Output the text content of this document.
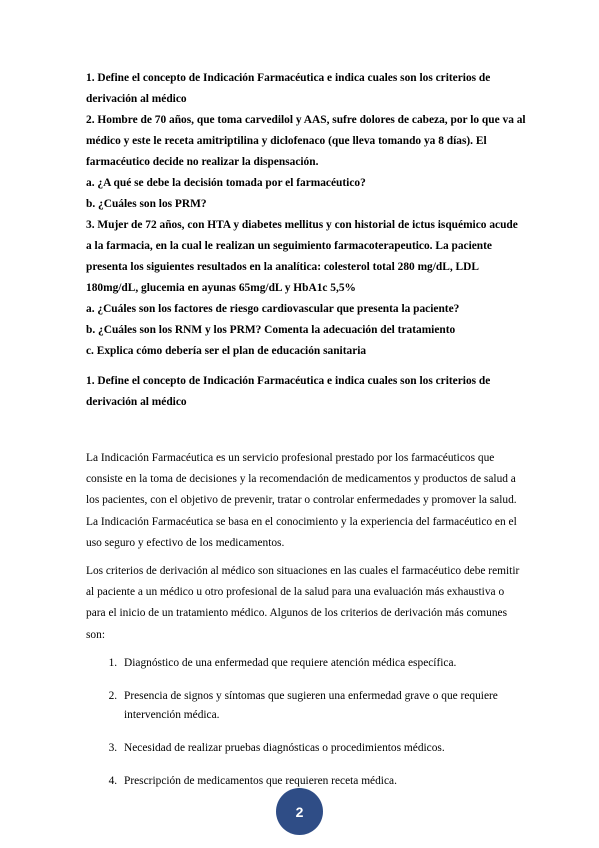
1. Define el concepto de Indicación Farmacéutica e indica cuales son los criterios de derivación al médico

2. Hombre de 70 años, que toma carvedilol y AAS, sufre dolores de cabeza, por lo que va al médico y este le receta amitriptilina y diclofenaco (que lleva tomando ya 8 días). El farmacéutico decide no realizar la dispensación.

a. ¿A qué se debe la decisión tomada por el farmacéutico?

b. ¿Cuáles son los PRM?

3. Mujer de 72 años, con HTA y diabetes mellitus y con historial de ictus isquémico acude a la farmacia, en la cual le realizan un seguimiento farmacoterapeutico. La paciente presenta los siguientes resultados en la analítica: colesterol total 280 mg/dL, LDL 180mg/dL, glucemia en ayunas 65mg/dL y HbA1c 5,5%

a. ¿Cuáles son los factores de riesgo cardiovascular que presenta la paciente?

b. ¿Cuáles son los RNM y los PRM? Comenta la adecuación del tratamiento

c. Explica cómo debería ser el plan de educación sanitaria

1. Define el concepto de Indicación Farmacéutica e indica cuales son los criterios de derivación al médico

La Indicación Farmacéutica es un servicio profesional prestado por los farmacéuticos que consiste en la toma de decisiones y la recomendación de medicamentos y productos de salud a los pacientes, con el objetivo de prevenir, tratar o controlar enfermedades y promover la salud. La Indicación Farmacéutica se basa en el conocimiento y la experiencia del farmacéutico en el uso seguro y efectivo de los medicamentos.

Los criterios de derivación al médico son situaciones en las cuales el farmacéutico debe remitir al paciente a un médico u otro profesional de la salud para una evaluación más exhaustiva o para el inicio de un tratamiento médico. Algunos de los criterios de derivación más comunes son:

1. Diagnóstico de una enfermedad que requiere atención médica específica.
2. Presencia de signos y síntomas que sugieren una enfermedad grave o que requiere intervención médica.
3. Necesidad de realizar pruebas diagnósticas o procedimientos médicos.
4. Prescripción de medicamentos que requieren receta médica.
2
